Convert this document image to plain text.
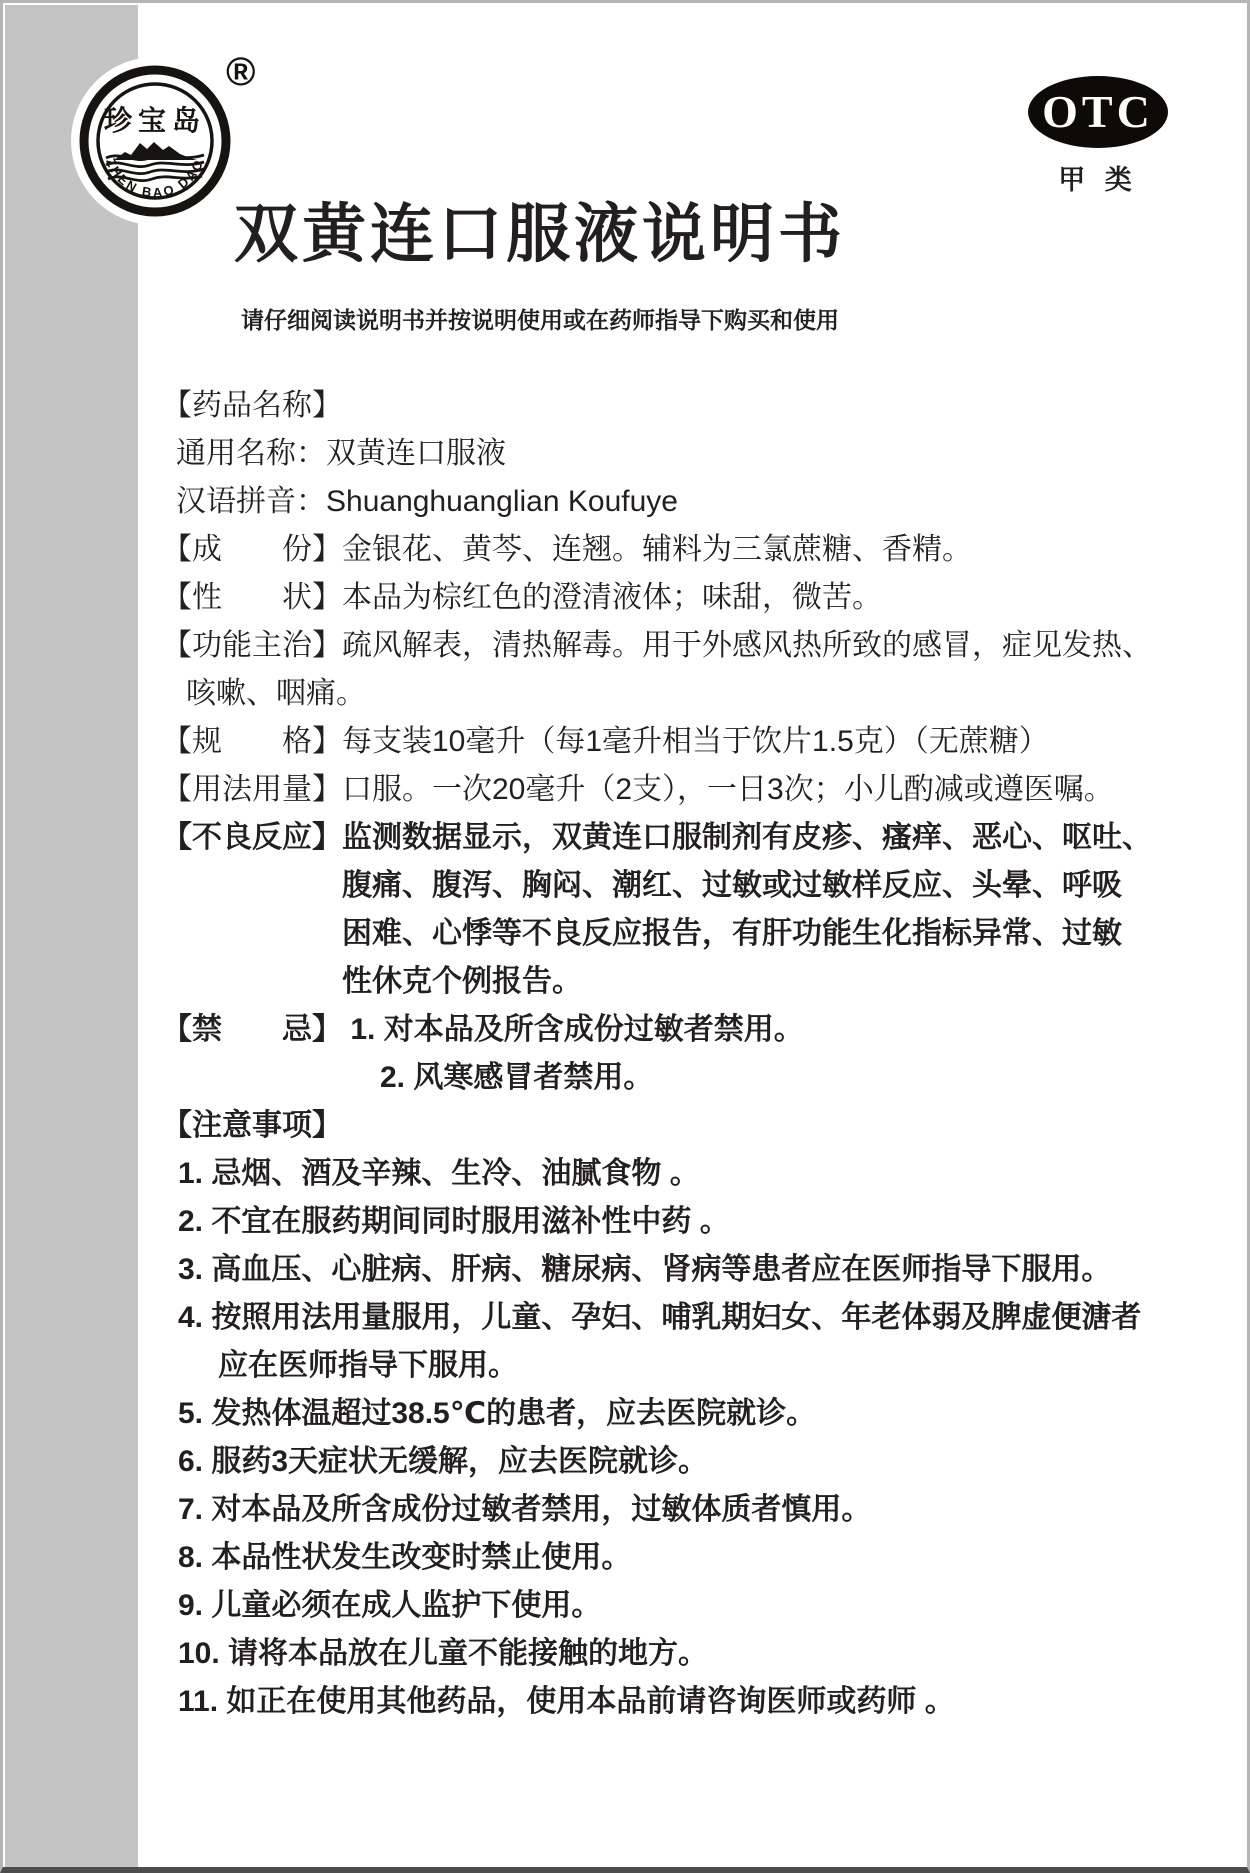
珍宝岛
ZHEN BAO DAO
®
OTC
甲 类
双黄连口服液说明书
请仔细阅读说明书并按说明使用或在药师指导下购买和使用
【药品名称】
通用名称：双黄连口服液
汉语拼音：Shuanghuanglian Koufuye
【成　　份】金银花、黄芩、连翘。辅料为三氯蔗糖、香精。
【性　　状】本品为棕红色的澄清液体；味甜，微苦。
【功能主治】疏风解表，清热解毒。用于外感风热所致的感冒，症见发热、
咳嗽、咽痛。
【规　　格】每支装10毫升（每1毫升相当于饮片1.5克）（无蔗糖）
【用法用量】口服。一次20毫升（2支），一日3次；小儿酌减或遵医嘱。
【不良反应】监测数据显示，双黄连口服制剂有皮疹、瘙痒、恶心、呕吐、
腹痛、腹泻、胸闷、潮红、过敏或过敏样反应、头晕、呼吸
困难、心悸等不良反应报告，有肝功能生化指标异常、过敏
性休克个例报告。
【禁　　忌】 1. 对本品及所含成份过敏者禁用。
2. 风寒感冒者禁用。
【注意事项】
1. 忌烟、酒及辛辣、生冷、油腻食物 。
2. 不宜在服药期间同时服用滋补性中药 。
3. 高血压、心脏病、肝病、糖尿病、肾病等患者应在医师指导下服用。
4. 按照用法用量服用，儿童、孕妇、哺乳期妇女、年老体弱及脾虚便溏者
应在医师指导下服用。
5. 发热体温超过38.5℃的患者，应去医院就诊。
6. 服药3天症状无缓解，应去医院就诊。
7. 对本品及所含成份过敏者禁用，过敏体质者慎用。
8. 本品性状发生改变时禁止使用。
9. 儿童必须在成人监护下使用。
10. 请将本品放在儿童不能接触的地方。
11. 如正在使用其他药品，使用本品前请咨询医师或药师 。
